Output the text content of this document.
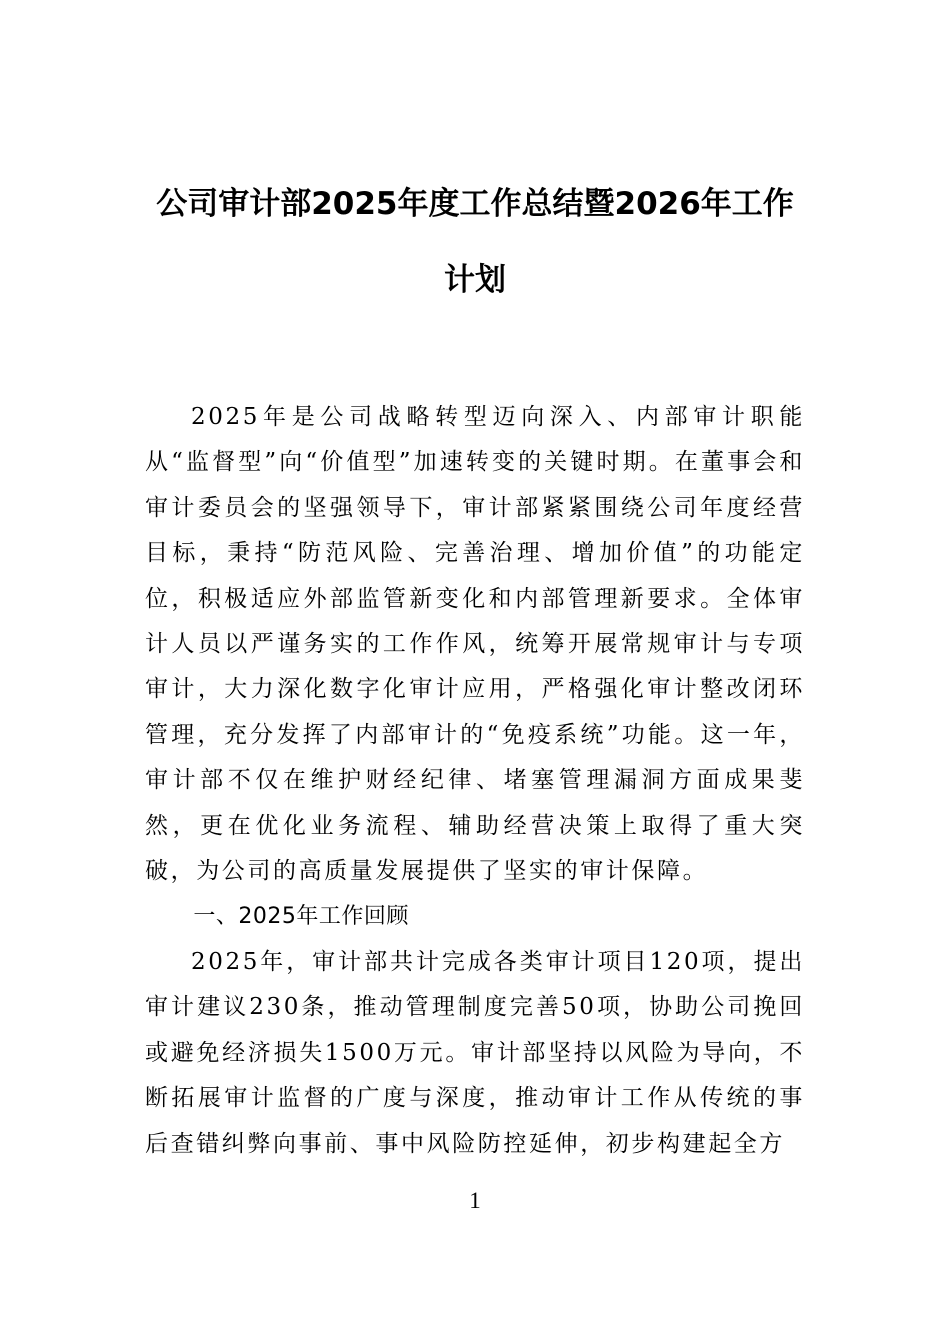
公司审计部2025年度工作总结暨2026年工作计划

2025年是公司战略转型迈向深入、内部审计职能从“监督型”向“价值型”加速转变的关键时期。在董事会和审计委员会的坚强领导下，审计部紧紧围绕公司年度经营目标，秉持“防范风险、完善治理、增加价值”的功能定位，积极适应外部监管新变化和内部管理新要求。全体审计人员以严谨务实的工作作风，统筹开展常规审计与专项审计，大力深化数字化审计应用，严格强化审计整改闭环管理，充分发挥了内部审计的“免疫系统”功能。这一年，审计部不仅在维护财经纪律、堵塞管理漏洞方面成果斐然，更在优化业务流程、辅助经营决策上取得了重大突破，为公司的高质量发展提供了坚实的审计保障。

一、2025年工作回顾

2025年，审计部共计完成各类审计项目120项，提出审计建议230条，推动管理制度完善50项，协助公司挽回或避免经济损失1500万元。审计部坚持以风险为导向，不断拓展审计监督的广度与深度，推动审计工作从传统的事后查错纠弊向事前、事中风险防控延伸，初步构建起全方

1
